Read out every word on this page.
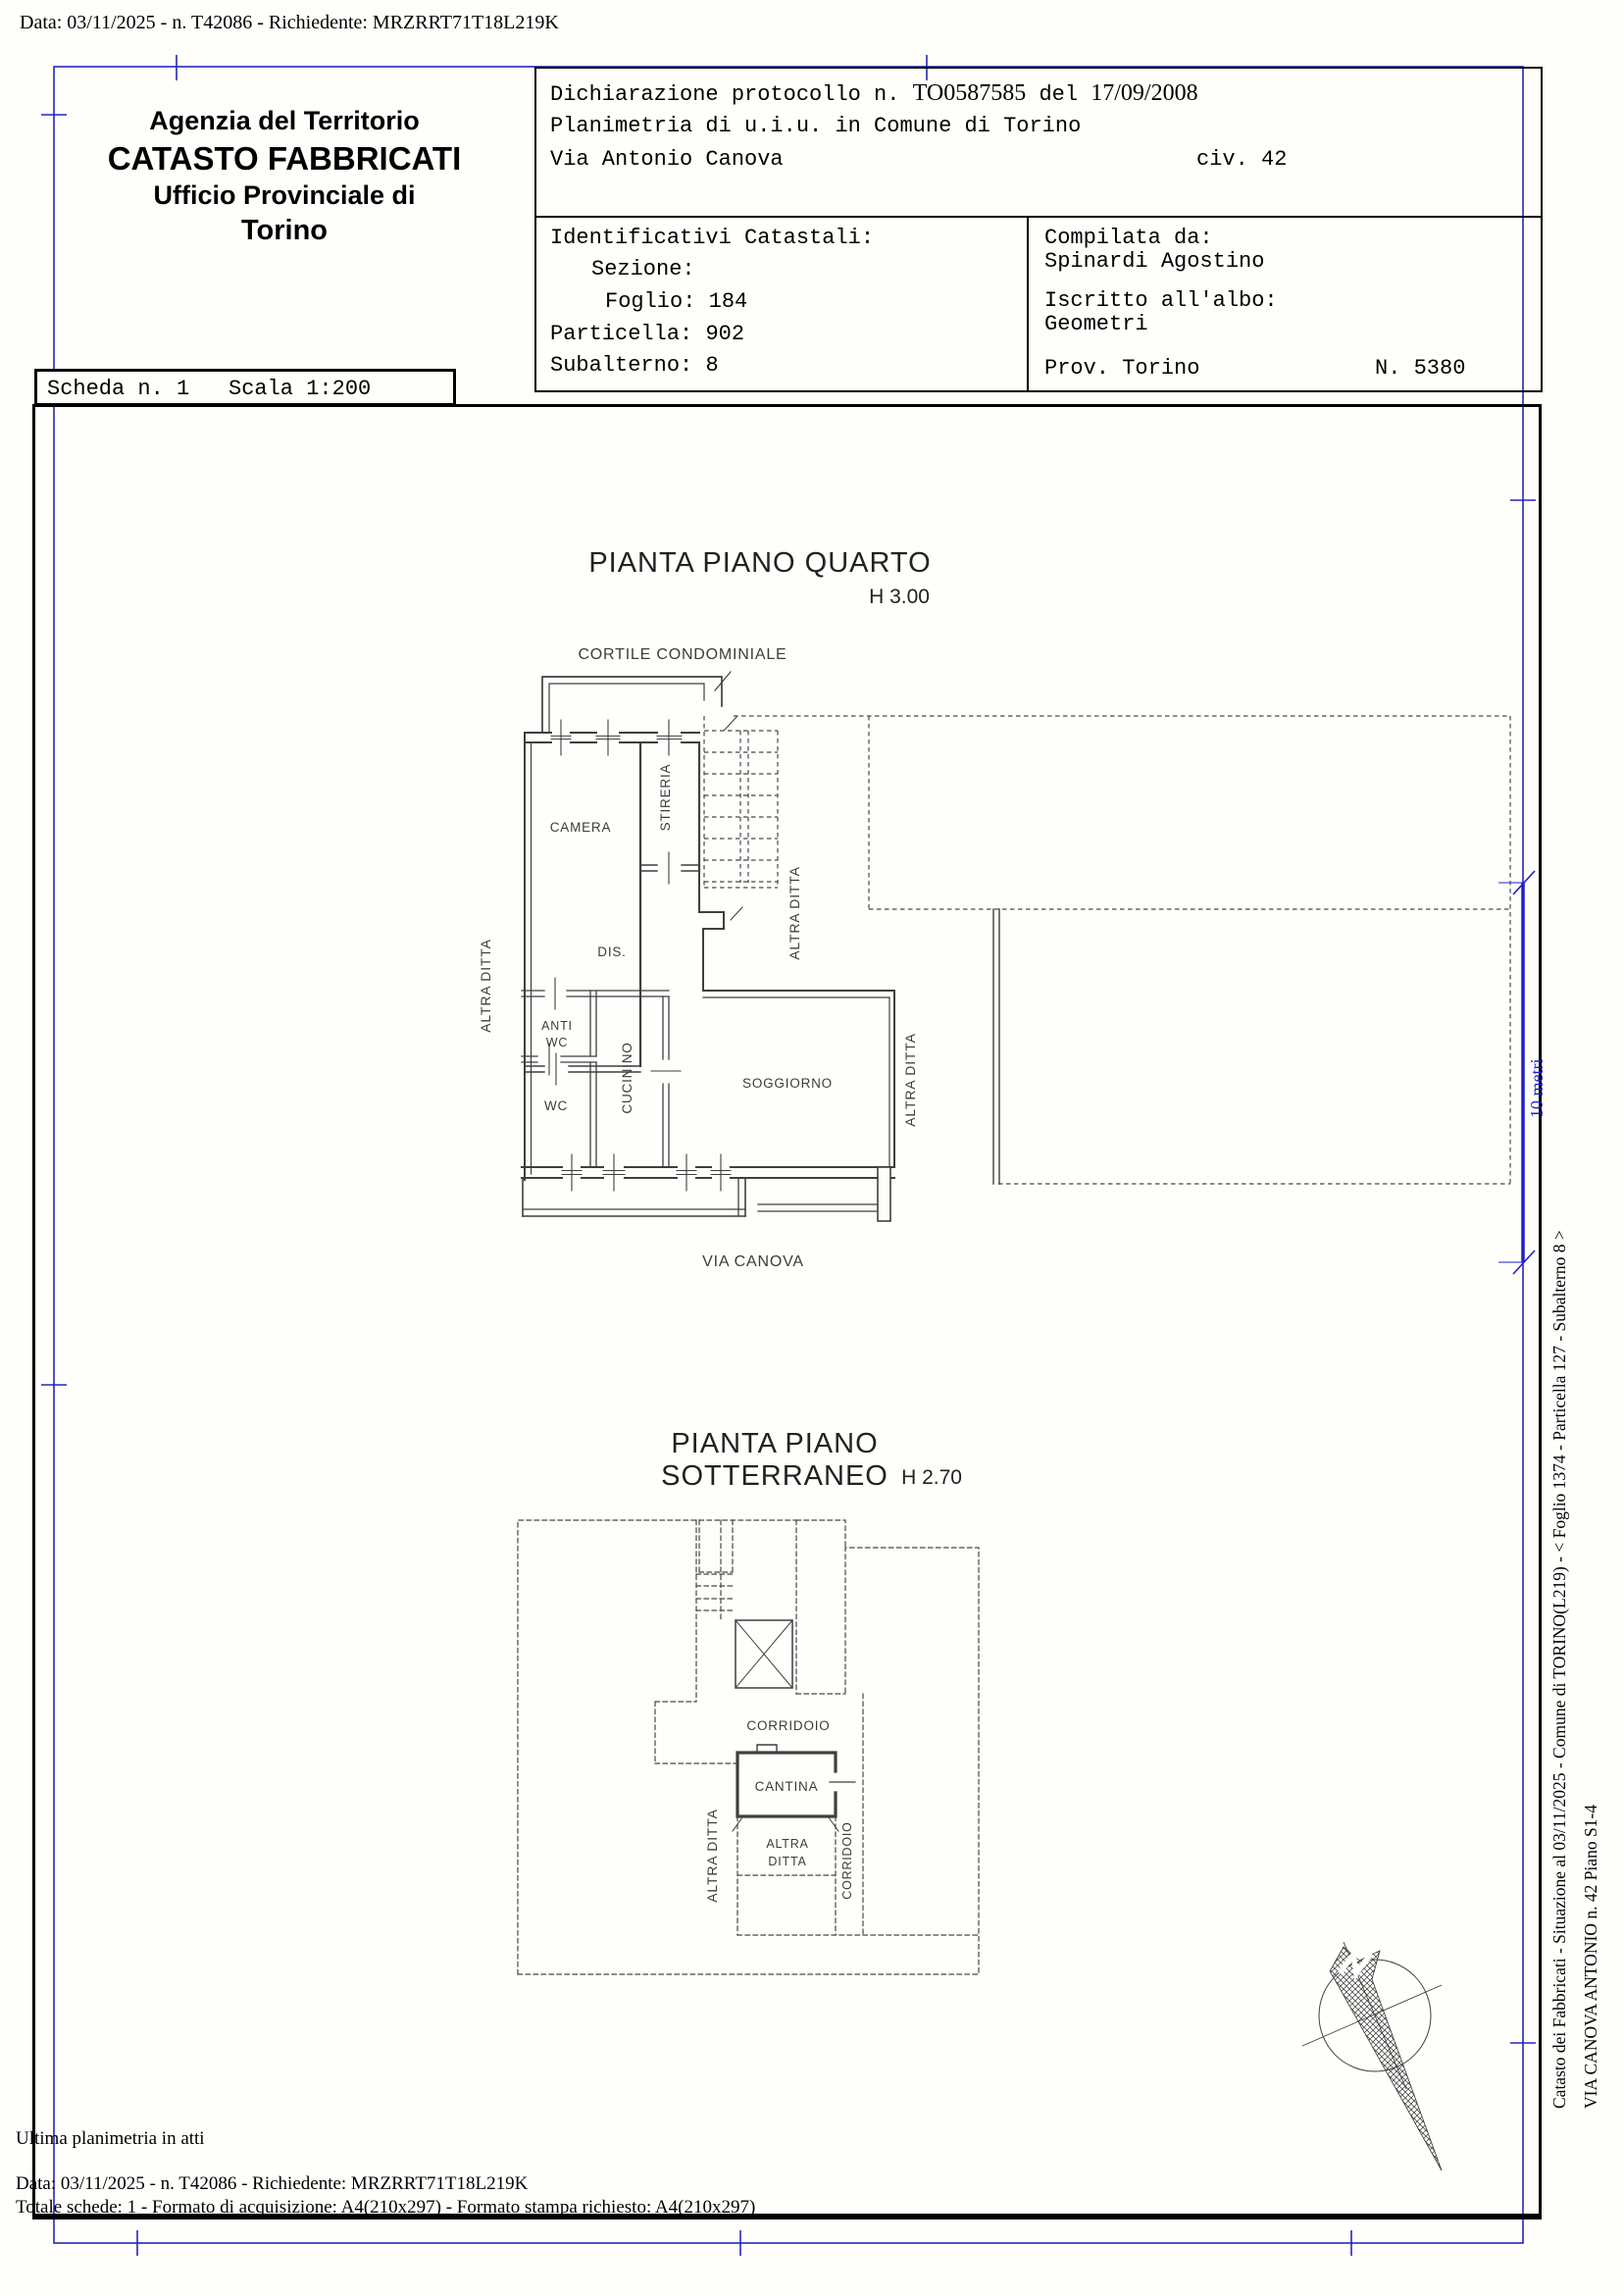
Data: 03/11/2025 - n. T42086 - Richiedente: MRZRRT71T18L219K
Agenzia del Territorio
CATASTO FABBRICATI
Ufficio Provinciale di
Torino
Dichiarazione protocollo n. TO0587585 del 17/09/2008
Planimetria di u.i.u. in Comune di Torino
Via Antonio Canova	civ. 42
Identificativi Catastali:
Sezione:
Foglio: 184
Particella: 902
Subalterno: 8
Compilata da:
Spinardi Agostino
Iscritto all'albo:
Geometri
Prov. Torino	N. 5380
Scheda n. 1 Scala 1:200
PIANTA PIANO QUARTO
H 3.00
CORTILE CONDOMINIALE
CAMERA	STIRERIA
DIS.
ANTI
WC
WC	CUCININO	SOGGIORNO
VIA CANOVA
ALTRA DITTA
ALTRA DITTA
ALTRA DITTA
PIANTA PIANO SOTTERRANEO H 2.70
CORRIDOIO
CANTINA
ALTRA
DITTA
ALTRA DITTA	CORRIDOIO
10 metri
Catasto dei Fabbricati - Situazione al 03/11/2025 - Comune di TORINO(L219) - < Foglio 1374 - Particella 127 - Subalterno 8 > VIA CANOVA ANTONIO n. 42 Piano S1-4
Ultima planimetria in atti
Data: 03/11/2025 - n. T42086 - Richiedente: MRZRRT71T18L219K
Totale schede: 1 - Formato di acquisizione: A4(210x297) - Formato stampa richiesto: A4(210x297)
